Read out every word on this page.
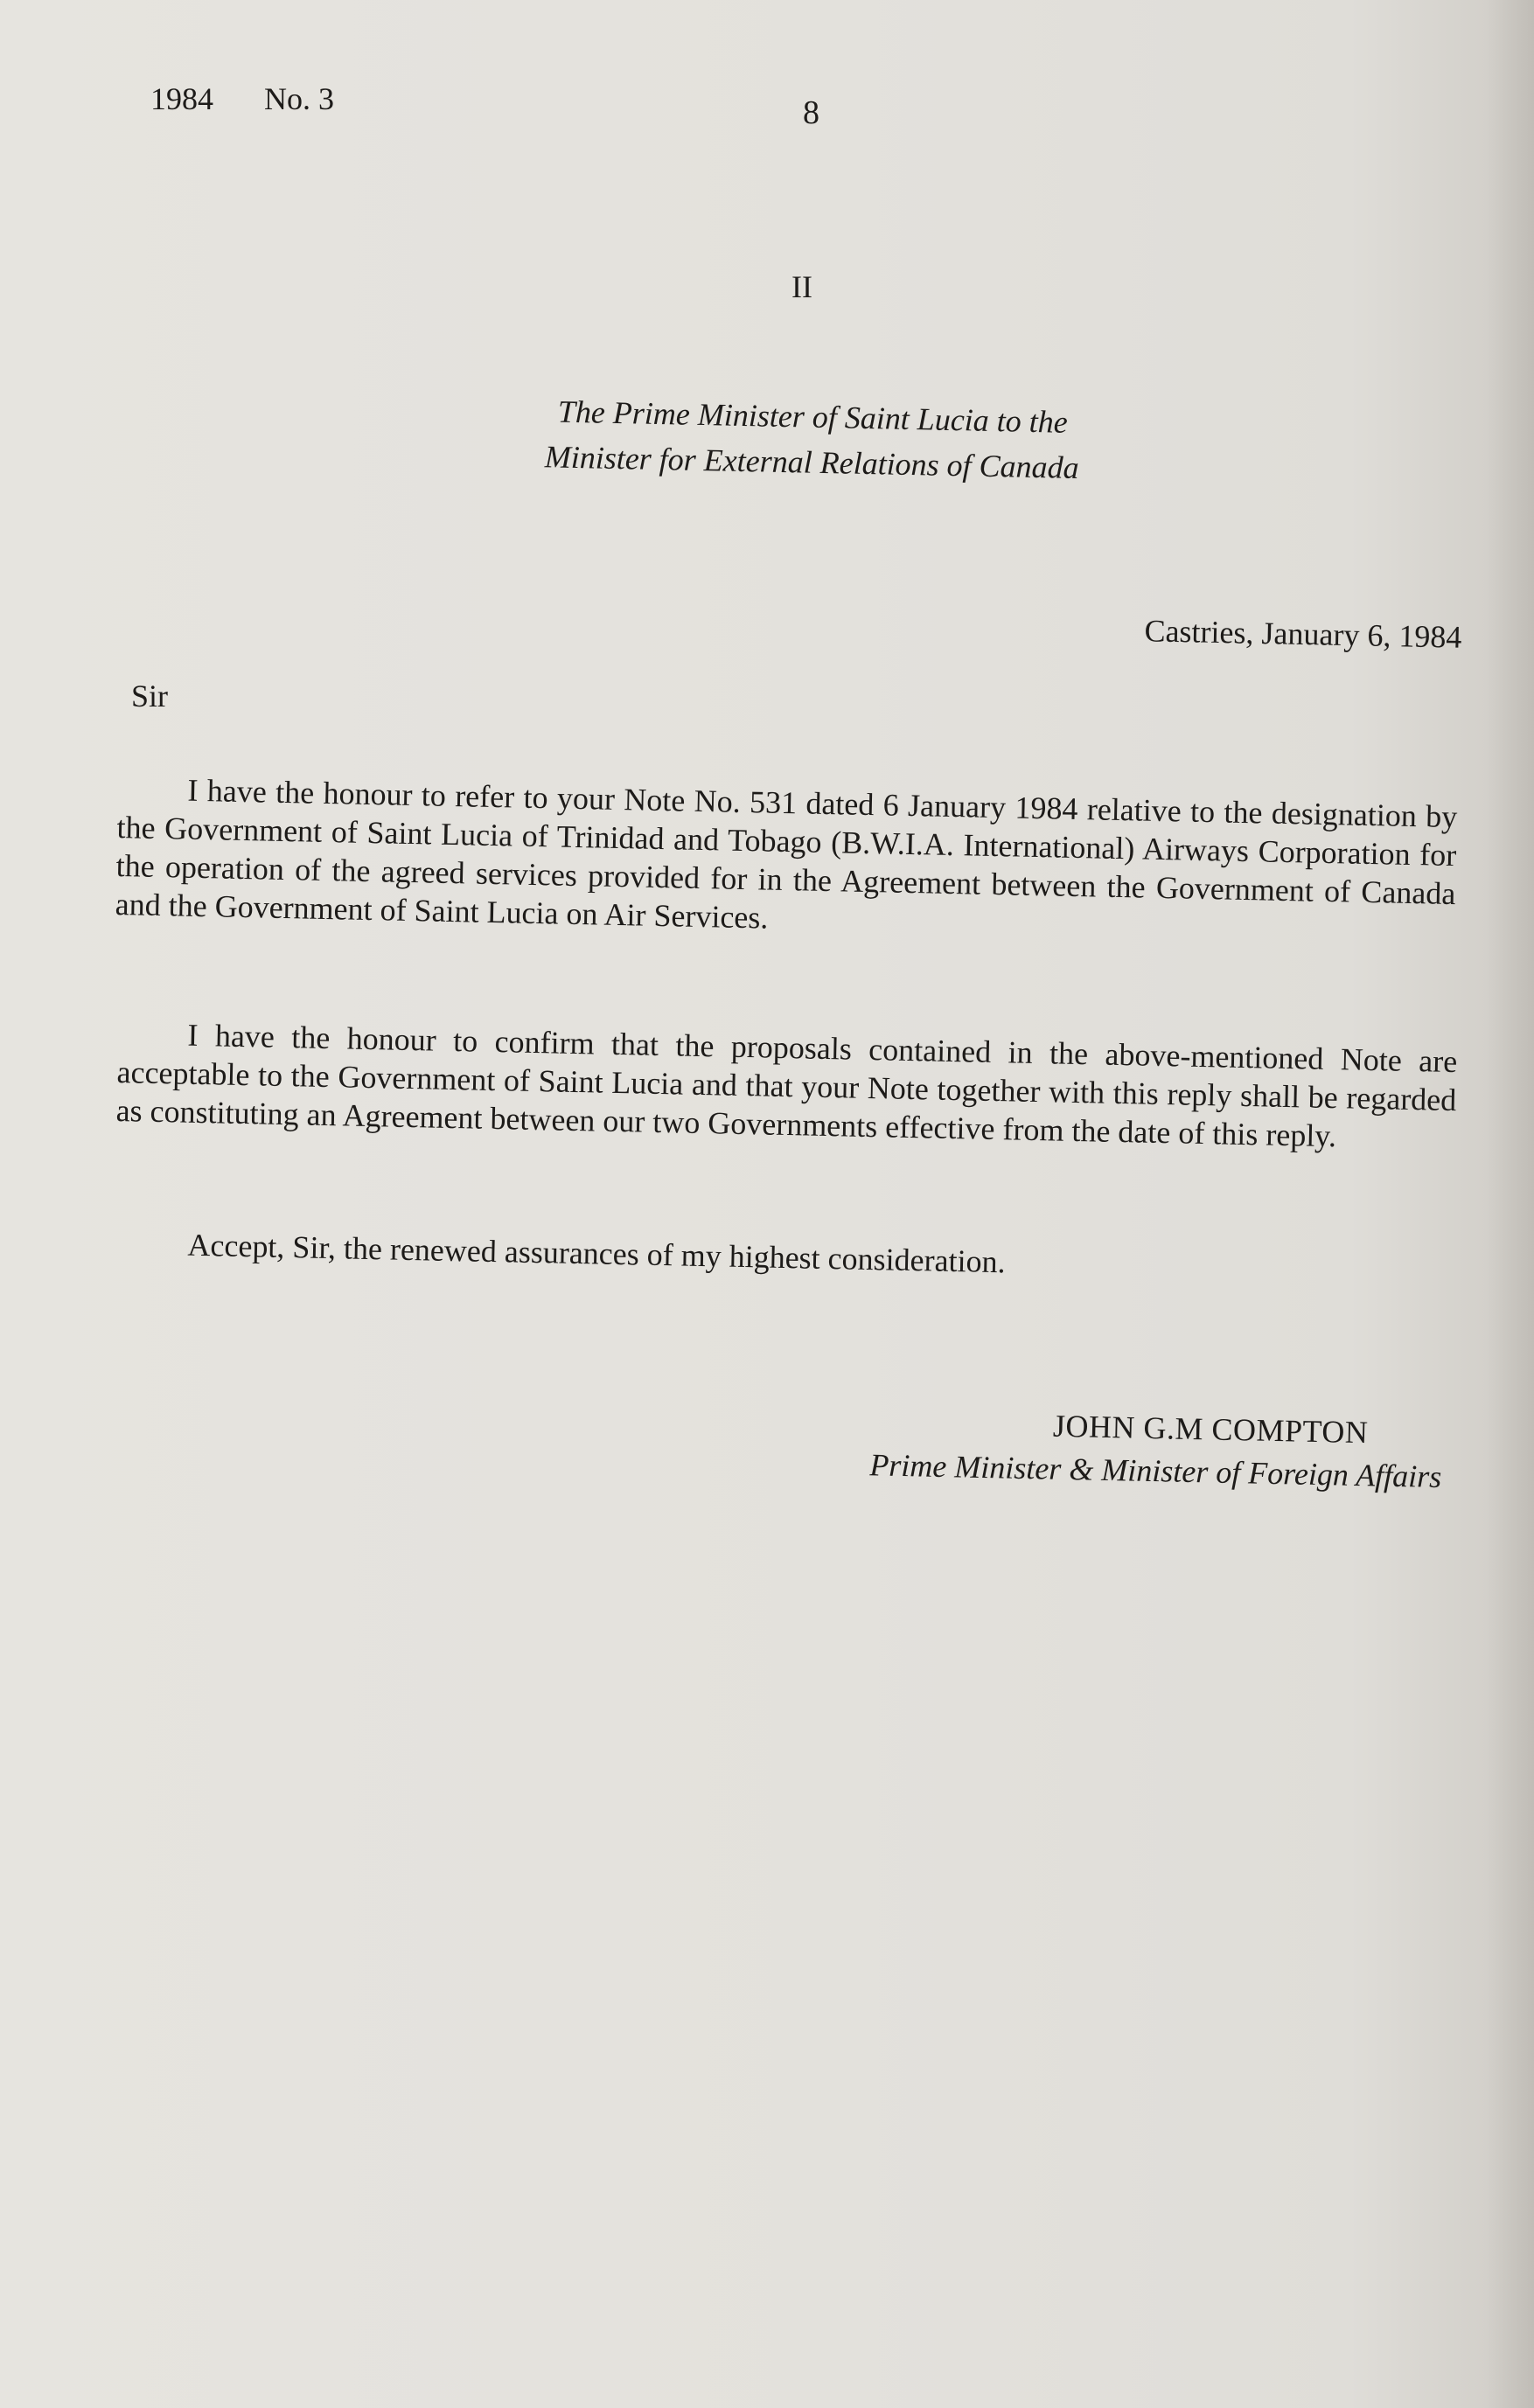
1984 No. 3	8

II

The Prime Minister of Saint Lucia to the
Minister for External Relations of Canada

Castries, January 6, 1984

Sir

I have the honour to refer to your Note No. 531 dated 6 January 1984 relative to the designation by the Government of Saint Lucia of Trinidad and Tobago (B.W.I.A. International) Airways Corporation for the operation of the agreed services provided for in the Agreement between the Government of Canada and the Government of Saint Lucia on Air Services.

I have the honour to confirm that the proposals contained in the above-mentioned Note are acceptable to the Government of Saint Lucia and that your Note together with this reply shall be regarded as constituting an Agreement between our two Governments effective from the date of this reply.

Accept, Sir, the renewed assurances of my highest consideration.

JOHN G.M COMPTON
Prime Minister & Minister of Foreign Affairs
